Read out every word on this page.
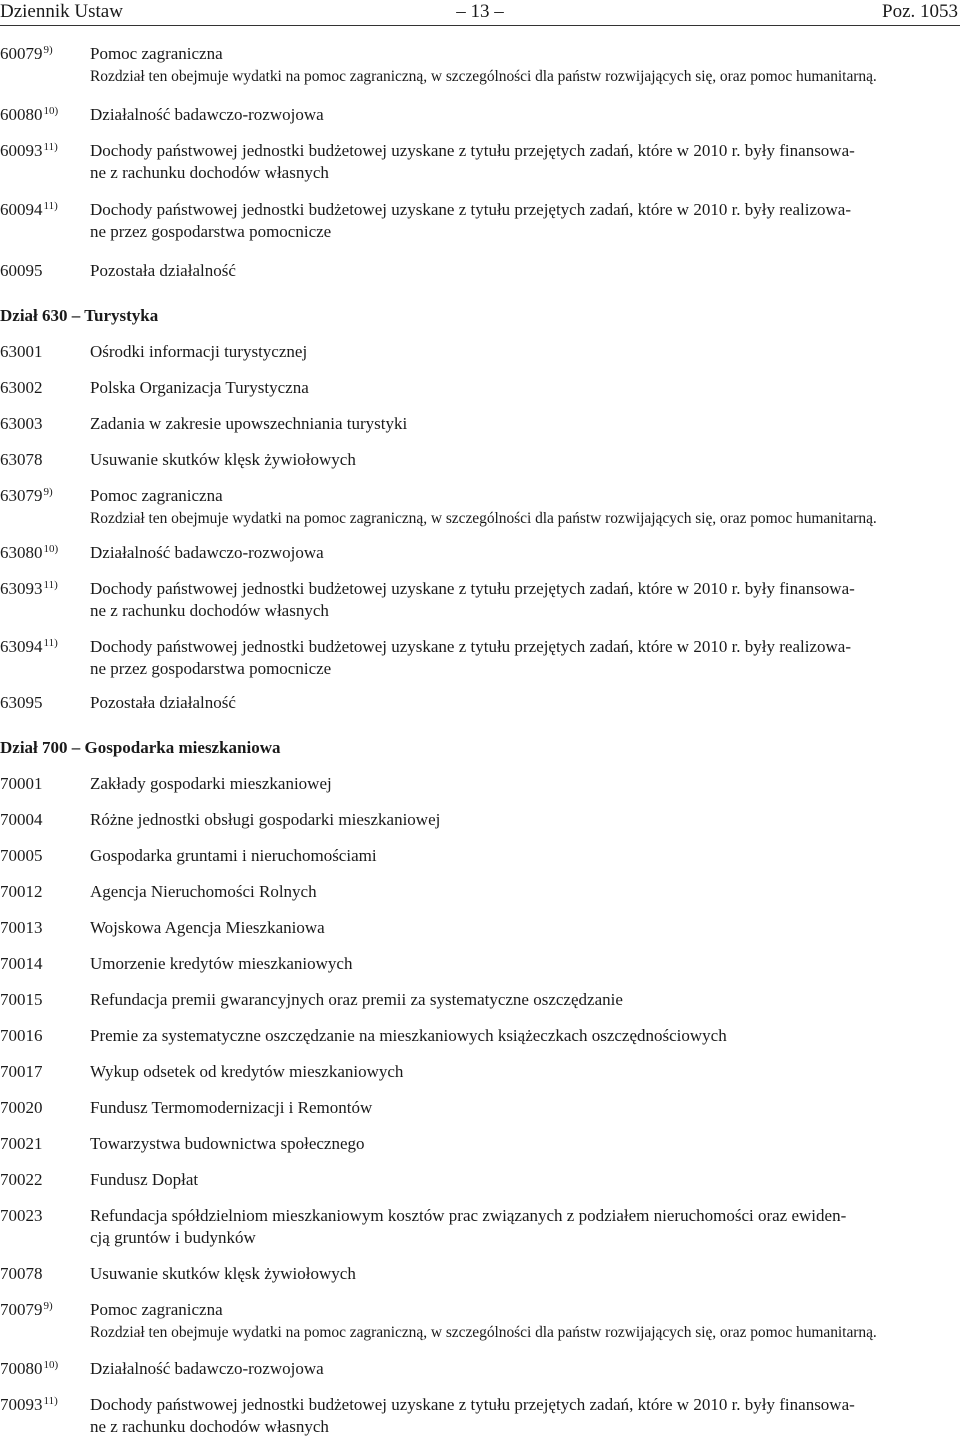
Dziennik Ustaw	– 13 –	Poz. 1053
60079$^{9)}$ Pomoc zagraniczna
Rozdział ten obejmuje wydatki na pomoc zagraniczną, w szczególności dla państw rozwijających się, oraz pomoc humanitarną.
60080$^{10)}$ Działalność badawczo-rozwojowa
60093$^{11)}$ Dochody państwowej jednostki budżetowej uzyskane z tytułu przejętych zadań, które w 2010 r. były finansowa-
ne z rachunku dochodów własnych
60094$^{11)}$ Dochody państwowej jednostki budżetowej uzyskane z tytułu przejętych zadań, które w 2010 r. były realizowa-
ne przez gospodarstwa pomocnicze
60095	Pozostała działalność
Dział 630 – Turystyka
63001	Ośrodki informacji turystycznej
63002	Polska Organizacja Turystyczna
63003	Zadania w zakresie upowszechniania turystyki
63078	Usuwanie skutków klęsk żywiołowych
63079$^{9)}$ Pomoc zagraniczna
Rozdział ten obejmuje wydatki na pomoc zagraniczną, w szczególności dla państw rozwijających się, oraz pomoc humanitarną.
63080$^{10)}$ Działalność badawczo-rozwojowa
63093$^{11)}$ Dochody państwowej jednostki budżetowej uzyskane z tytułu przejętych zadań, które w 2010 r. były finansowa-
ne z rachunku dochodów własnych
63094$^{11)}$ Dochody państwowej jednostki budżetowej uzyskane z tytułu przejętych zadań, które w 2010 r. były realizowa-
ne przez gospodarstwa pomocnicze
63095	Pozostała działalność
Dział 700 – Gospodarka mieszkaniowa
70001	Zakłady gospodarki mieszkaniowej
70004	Różne jednostki obsługi gospodarki mieszkaniowej
70005	Gospodarka gruntami i nieruchomościami
70012	Agencja Nieruchomości Rolnych
70013	Wojskowa Agencja Mieszkaniowa
70014	Umorzenie kredytów mieszkaniowych
70015	Refundacja premii gwarancyjnych oraz premii za systematyczne oszczędzanie
70016	Premie za systematyczne oszczędzanie na mieszkaniowych książeczkach oszczędnościowych
70017	Wykup odsetek od kredytów mieszkaniowych
70020	Fundusz Termomodernizacji i Remontów
70021	Towarzystwa budownictwa społecznego
70022	Fundusz Dopłat
70023	Refundacja spółdzielniom mieszkaniowym kosztów prac związanych z podziałem nieruchomości oraz ewiden-
cją gruntów i budynków
70078	Usuwanie skutków klęsk żywiołowych
70079$^{9)}$ Pomoc zagraniczna
Rozdział ten obejmuje wydatki na pomoc zagraniczną, w szczególności dla państw rozwijających się, oraz pomoc humanitarną.
70080$^{10)}$ Działalność badawczo-rozwojowa
70093$^{11)}$ Dochody państwowej jednostki budżetowej uzyskane z tytułu przejętych zadań, które w 2010 r. były finansowa-
ne z rachunku dochodów własnych
